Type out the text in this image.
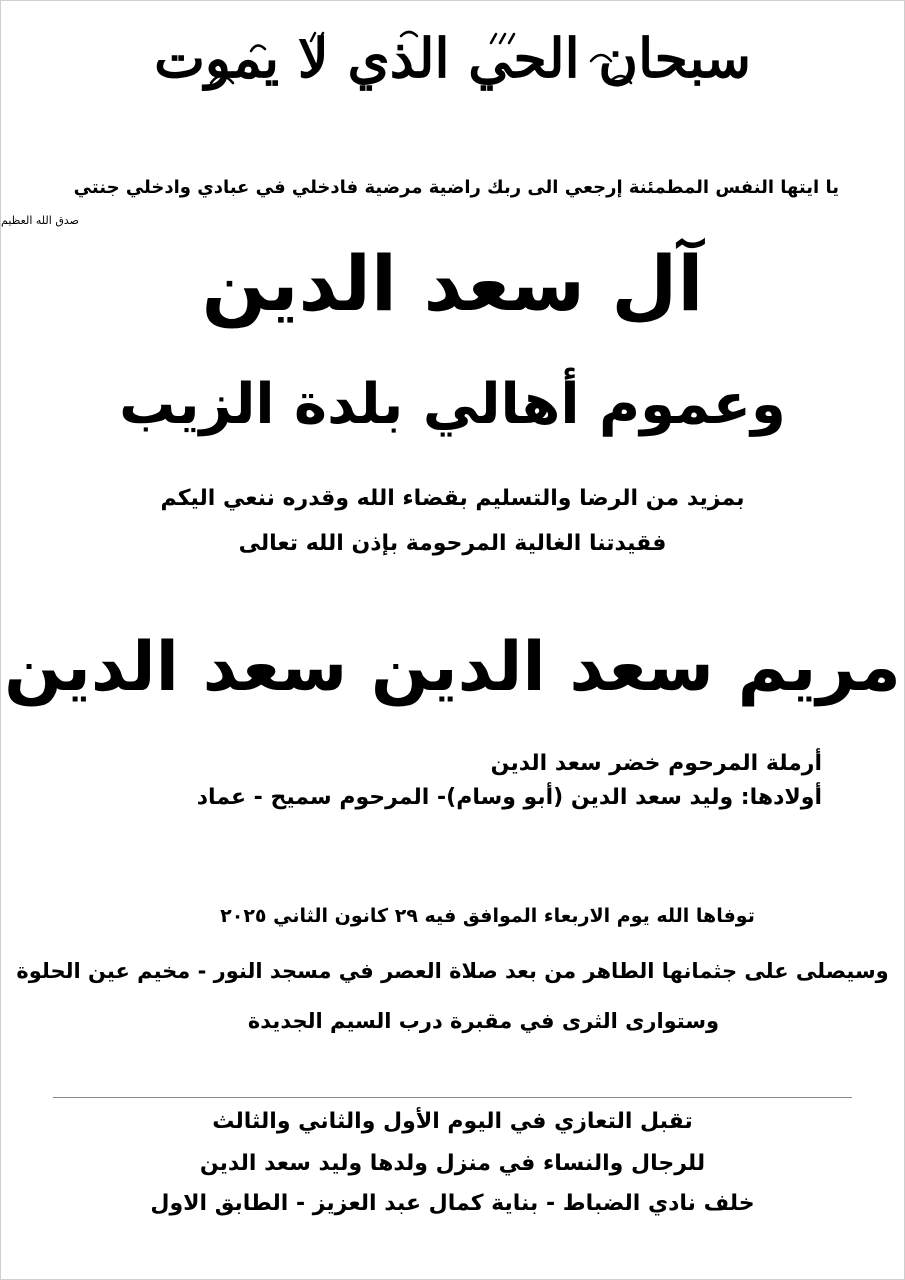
سبحان الحي الذي لا يموت
يا ايتها النفس المطمئنة إرجعي الى ربك راضية مرضية فادخلي في عبادي وادخلي جنتي
صدق الله العظيم
آل سعد الدين
وعموم أهالي بلدة الزيب
بمزيد من الرضا والتسليم بقضاء الله وقدره ننعي اليكم
فقيدتنا الغالية المرحومة بإذن الله تعالى
مريم سعد الدين سعد الدين
أرملة المرحوم خضر سعد الدين
أولادها: وليد سعد الدين (أبو وسام)- المرحوم سميح - عماد
توفاها الله يوم الاربعاء الموافق فيه ٢٩ كانون الثاني ٢٠٢٥
وسيصلى على جثمانها الطاهر من بعد صلاة العصر في مسجد النور - مخيم عين الحلوة
وستوارى الثرى في مقبرة درب السيم الجديدة
تقبل التعازي في اليوم الأول والثاني والثالث
للرجال والنساء في منزل ولدها وليد سعد الدين
خلف نادي الضباط - بناية كمال عبد العزيز - الطابق الاول
